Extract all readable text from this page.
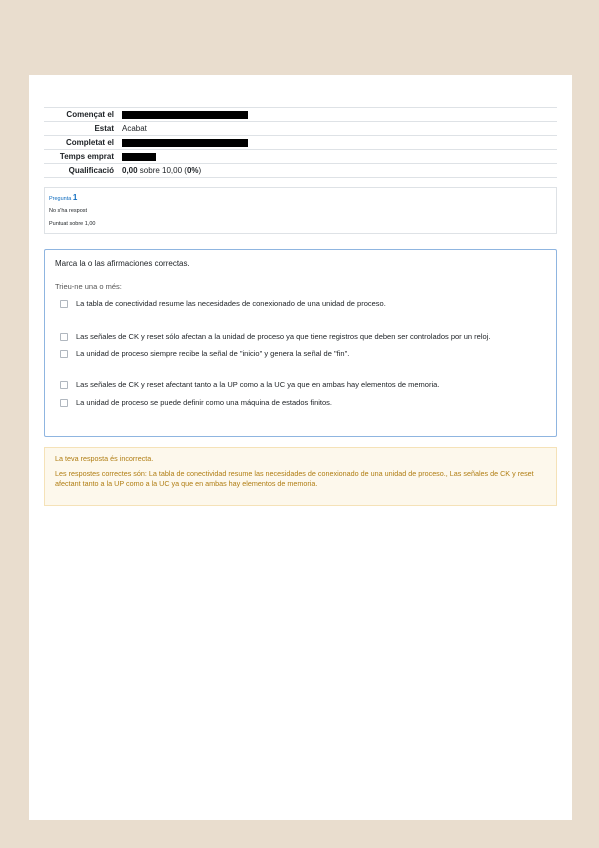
Començat el
Estat	Acabat
Completat el
Temps emprat
Qualificació	0,00 sobre 10,00 (0%)
Pregunta 1
No s'ha respost
Puntuat sobre 1,00
Marca la o las afirmaciones correctas.
Trieu-ne una o més:
La tabla de conectividad resume las necesidades de conexionado de una unidad de proceso.
Las señales de CK y reset sólo afectan a la unidad de proceso ya que tiene registros que deben ser controlados por un reloj.
La unidad de proceso siempre recibe la señal de "inicio" y genera la señal de "fin".
Las señales de CK y reset afectant tanto a la UP como a la UC ya que en ambas hay elementos de memoria.
La unidad de proceso se puede definir como una máquina de estados finitos.
La teva resposta és incorrecta.
Les respostes correctes són: La tabla de conectividad resume las necesidades de conexionado de una unidad de proceso., Las señales de CK y reset afectant tanto a la UP como a la UC ya que en ambas hay elementos de memoria.
